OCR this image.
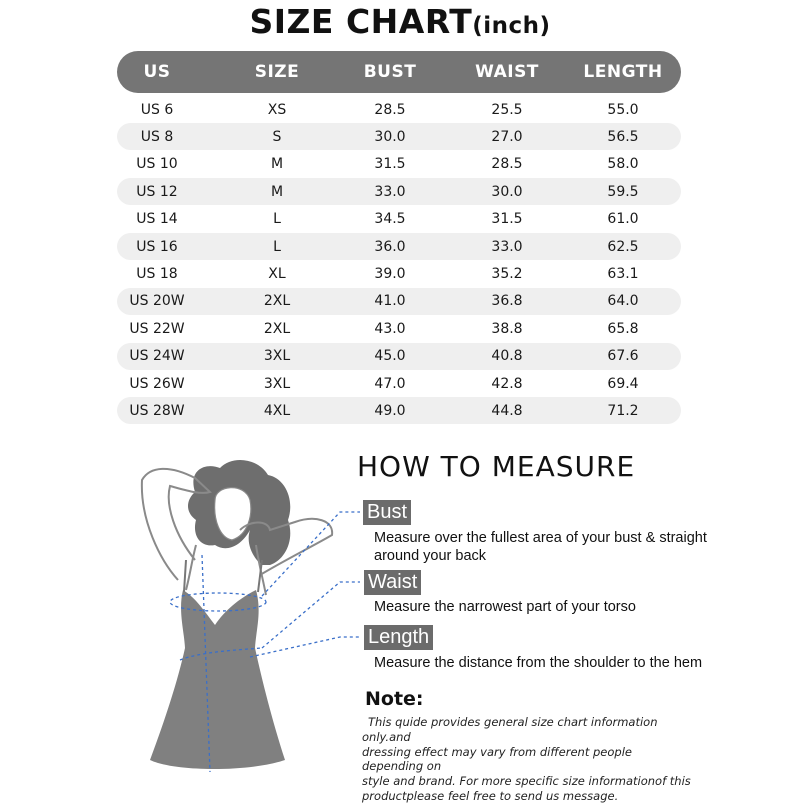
SIZE CHART(inch)
US	SIZE	BUST	WAIST	LENGTH
US 6	XS	28.5	25.5	55.0
US 8	S	30.0	27.0	56.5
US 10	M	31.5	28.5	58.0
US 12	M	33.0	30.0	59.5
US 14	L	34.5	31.5	61.0
US 16	L	36.0	33.0	62.5
US 18	XL	39.0	35.2	63.1
US 20W	2XL	41.0	36.8	64.0
US 22W	2XL	43.0	38.8	65.8
US 24W	3XL	45.0	40.8	67.6
US 26W	3XL	47.0	42.8	69.4
US 28W	4XL	49.0	44.8	71.2
HOW TO MEASURE
Bust
Measure over the fullest area of your bust & straight
around your back
Waist
Measure the narrowest part of your torso
Length
Measure the distance from the shoulder to the hem
Note:
This quide provides general size chart information only.and
dressing effect may vary from different people depending on
style and brand. For more specific size informationof this
productplease feel free to send us message.
